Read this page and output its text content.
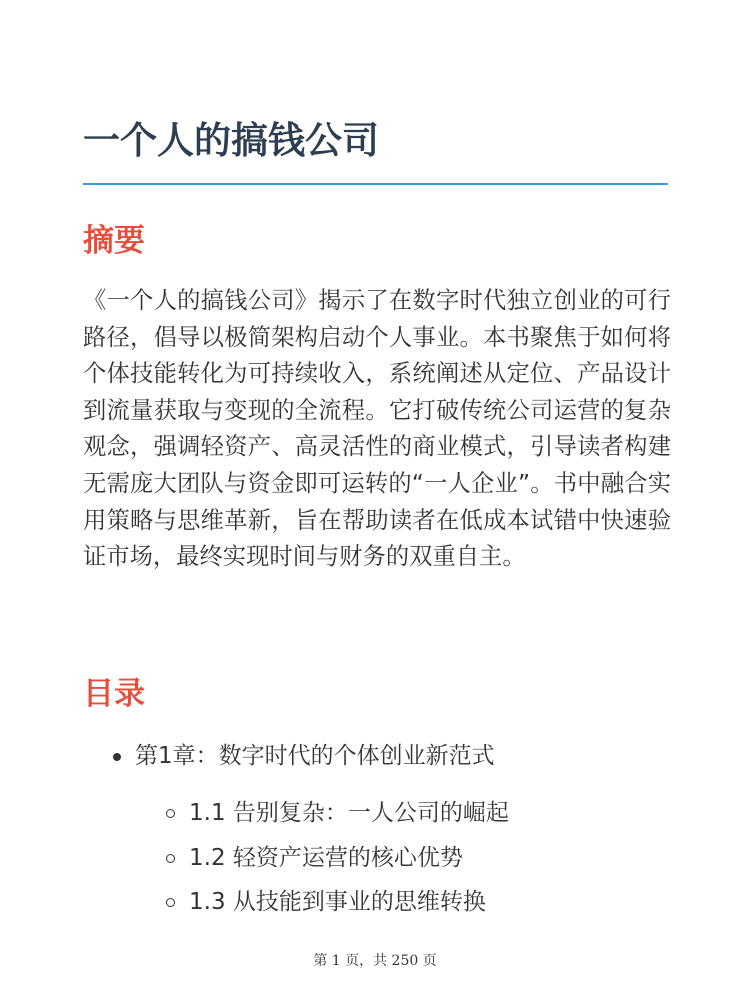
一个人的搞钱公司
摘要

《一个人的搞钱公司》揭示了在数字时代独立创业的可行路径，倡导以极简架构启动个人事业。本书聚焦于如何将个体技能转化为可持续收入，系统阐述从定位、产品设计到流量获取与变现的全流程。它打破传统公司运营的复杂观念，强调轻资产、高灵活性的商业模式，引导读者构建无需庞大团队与资金即可运转的“一人企业”。书中融合实用策略与思维革新，旨在帮助读者在低成本试错中快速验证市场，最终实现时间与财务的双重自主。

目录
第1章：数字时代的个体创业新范式
1.1 告别复杂：一人公司的崛起
1.2 轻资产运营的核心优势
1.3 从技能到事业的思维转换
第 1 页，共 250 页
